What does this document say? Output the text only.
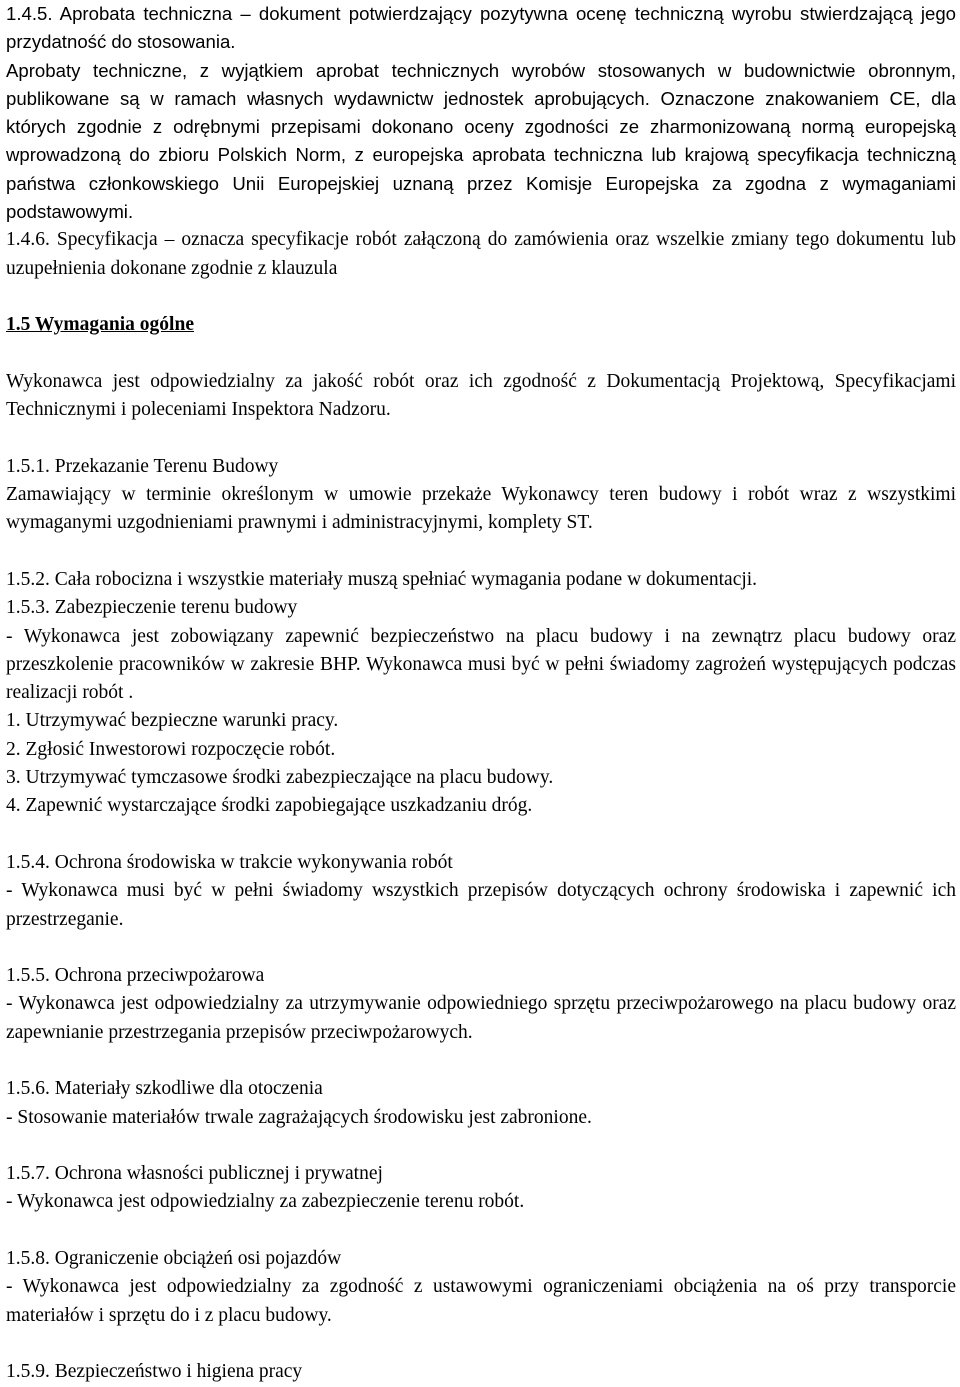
1.4.5. Aprobata techniczna – dokument potwierdzający pozytywna ocenę techniczną wyrobu stwierdzającą jego przydatność do stosowania.

Aprobaty techniczne, z wyjątkiem aprobat technicznych wyrobów stosowanych w budownictwie obronnym, publikowane są w ramach własnych wydawnictw jednostek aprobujących. Oznaczone znakowaniem CE, dla których zgodnie z odrębnymi przepisami dokonano oceny zgodności ze zharmonizowaną normą europejską wprowadzoną do zbioru Polskich Norm, z europejska aprobata techniczna lub krajową specyfikacja techniczną państwa członkowskiego Unii Europejskiej uznaną przez Komisje Europejska za zgodna z wymaganiami podstawowymi.

1.4.6. Specyfikacja – oznacza specyfikacje robót załączoną do zamówienia oraz wszelkie zmiany tego dokumentu lub uzupełnienia dokonane zgodnie z klauzula

1.5 Wymagania ogólne

Wykonawca jest odpowiedzialny za jakość robót oraz ich zgodność z Dokumentacją Projektową, Specyfikacjami Technicznymi i poleceniami Inspektora Nadzoru.

1.5.1. Przekazanie Terenu Budowy

Zamawiający w terminie określonym w umowie przekaże Wykonawcy teren budowy i robót wraz z wszystkimi wymaganymi uzgodnieniami prawnymi i administracyjnymi, komplety ST.

1.5.2. Cała robocizna i wszystkie materiały muszą spełniać wymagania podane w dokumentacji.

1.5.3. Zabezpieczenie terenu budowy

- Wykonawca jest zobowiązany zapewnić bezpieczeństwo na placu budowy i na zewnątrz placu budowy oraz przeszkolenie pracowników w zakresie BHP. Wykonawca musi być w pełni świadomy zagrożeń występujących podczas realizacji robót .

1. Utrzymywać bezpieczne warunki pracy.

2. Zgłosić Inwestorowi rozpoczęcie robót.

3. Utrzymywać tymczasowe środki zabezpieczające na placu budowy.

4. Zapewnić wystarczające środki zapobiegające uszkadzaniu dróg.

1.5.4. Ochrona środowiska w trakcie wykonywania robót

- Wykonawca musi być w pełni świadomy wszystkich przepisów dotyczących ochrony środowiska i zapewnić ich przestrzeganie.

1.5.5. Ochrona przeciwpożarowa

- Wykonawca jest odpowiedzialny za utrzymywanie odpowiedniego sprzętu przeciwpożarowego na placu budowy oraz zapewnianie przestrzegania przepisów przeciwpożarowych.

1.5.6. Materiały szkodliwe dla otoczenia

- Stosowanie materiałów trwale zagrażających środowisku jest zabronione.

1.5.7. Ochrona własności publicznej i prywatnej

- Wykonawca jest odpowiedzialny za zabezpieczenie terenu robót.

1.5.8. Ograniczenie obciążeń osi pojazdów

- Wykonawca jest odpowiedzialny za zgodność z ustawowymi ograniczeniami obciążenia na oś przy transporcie materiałów i sprzętu do i z placu budowy.

1.5.9. Bezpieczeństwo i higiena pracy
